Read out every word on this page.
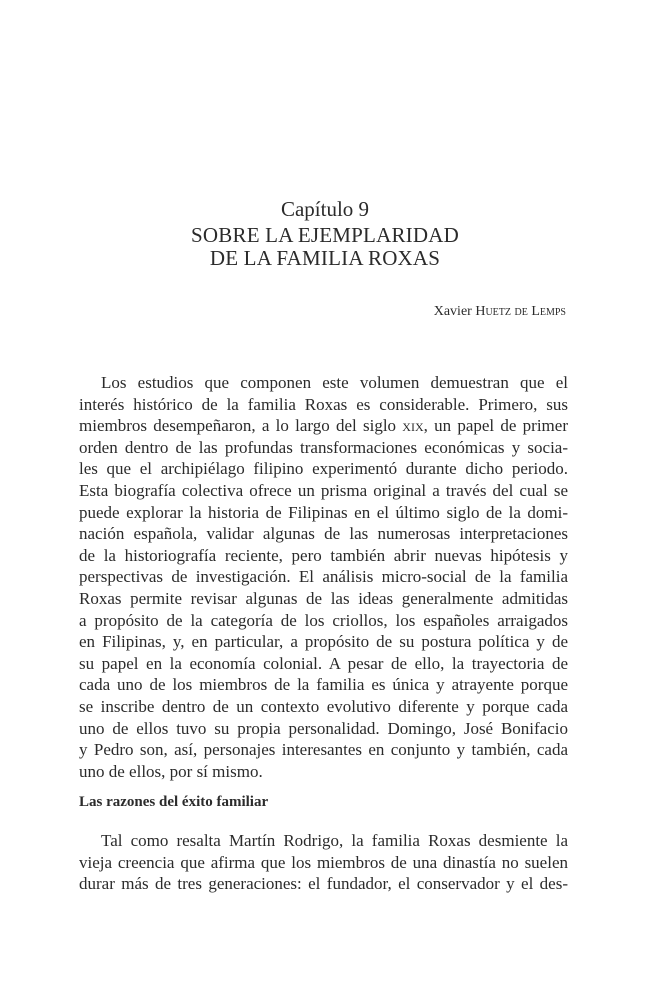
Capítulo 9
SOBRE LA EJEMPLARIDAD
DE LA FAMILIA ROXAS
Xavier Huetz de Lemps
Los estudios que componen este volumen demuestran que el
interés histórico de la familia Roxas es considerable. Primero, sus
miembros desempeñaron, a lo largo del siglo xix, un papel de primer
orden dentro de las profundas transformaciones económicas y socia-
les que el archipiélago filipino experimentó durante dicho periodo.
Esta biografía colectiva ofrece un prisma original a través del cual se
puede explorar la historia de Filipinas en el último siglo de la domi-
nación española, validar algunas de las numerosas interpretaciones
de la historiografía reciente, pero también abrir nuevas hipótesis y
perspectivas de investigación. El análisis micro-social de la familia
Roxas permite revisar algunas de las ideas generalmente admitidas
a propósito de la categoría de los criollos, los españoles arraigados
en Filipinas, y, en particular, a propósito de su postura política y de
su papel en la economía colonial. A pesar de ello, la trayectoria de
cada uno de los miembros de la familia es única y atrayente porque
se inscribe dentro de un contexto evolutivo diferente y porque cada
uno de ellos tuvo su propia personalidad. Domingo, José Bonifacio
y Pedro son, así, personajes interesantes en conjunto y también, cada
uno de ellos, por sí mismo.
Las razones del éxito familiar
Tal como resalta Martín Rodrigo, la familia Roxas desmiente la
vieja creencia que afirma que los miembros de una dinastía no suelen
durar más de tres generaciones: el fundador, el conservador y el des-
